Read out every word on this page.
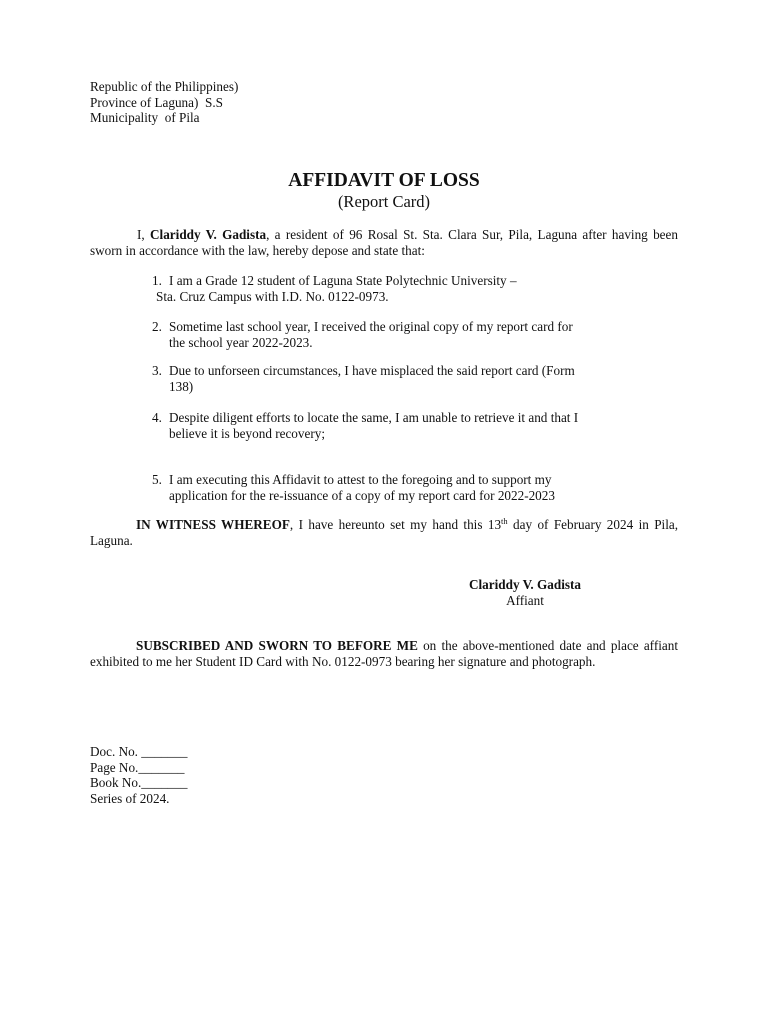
Republic of the Philippines)
Province of Laguna)  S.S
Municipality  of Pila
AFFIDAVIT OF LOSS
(Report Card)
I, Clariddy V. Gadista, a resident of 96 Rosal St. Sta. Clara Sur, Pila, Laguna after having been sworn in accordance with the law, hereby depose and state that:
1. I am a Grade 12 student of Laguna State Polytechnic University –
Sta. Cruz Campus with I.D. No. 0122-0973.
2. Sometime last school year, I received the original copy of my report card for
the school year 2022-2023.
3. Due to unforseen circumstances, I have misplaced the said report card (Form
138)
4. Despite diligent efforts to locate the same, I am unable to retrieve it and that I
believe it is beyond recovery;
5. I am executing this Affidavit to attest to the foregoing and to support my
application for the re-issuance of a copy of my report card for 2022-2023
IN WITNESS WHEREOF, I have hereunto set my hand this 13th day of February 2024 in Pila, Laguna.
Clariddy V. Gadista
Affiant
SUBSCRIBED AND SWORN TO BEFORE ME on the above-mentioned date and place affiant exhibited to me her Student ID Card with No. 0122-0973 bearing her signature and photograph.
Doc. No. _______
Page No._______
Book No._______
Series of 2024.
